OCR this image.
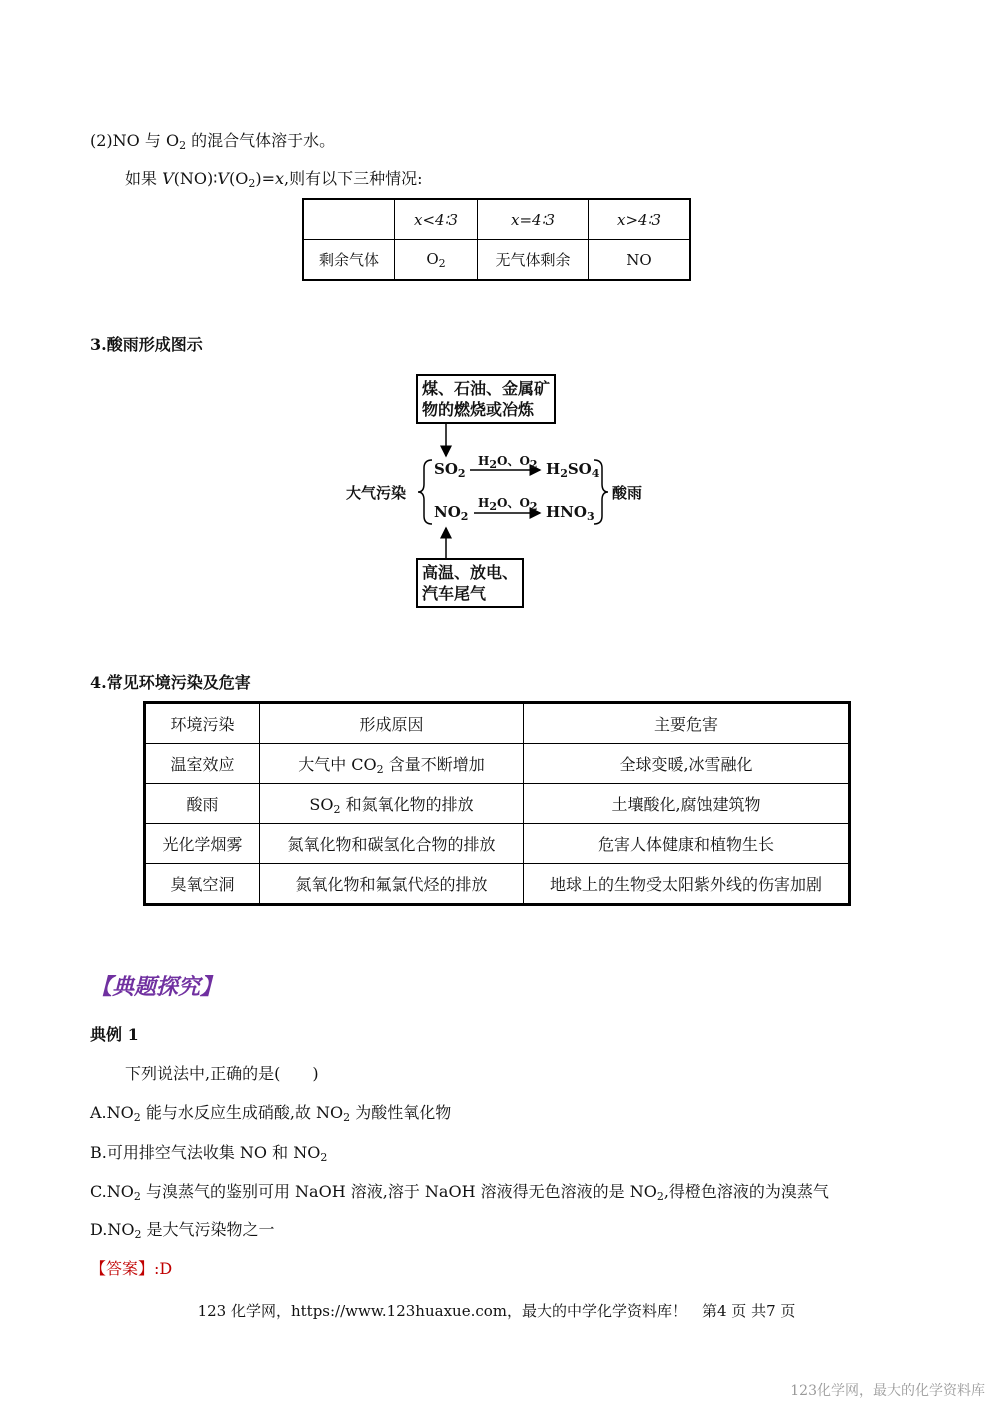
(2)NO 与 $O_2$ 的混合气体溶于水。
如果 $V(NO)∶V(O_2)=x$,则有以下三种情况:
	x<4∶3	x=4∶3	x>4∶3
剩余气体	$O_2$	无气体剩余	NO
3.酸雨形成图示
煤、石油、金属矿
物的燃烧或冶炼
高温、放电、
汽车尾气
大气污染	酸雨
$SO_2$	$H_2SO_4$
$NO_2$	$HNO_3$
$H_2O$、$O_2$
$H_2O$、$O_2$
4.常见环境污染及危害
环境污染	形成原因	主要危害
温室效应	大气中 $CO_2$ 含量不断增加	全球变暖,冰雪融化
酸雨	$SO_2$ 和氮氧化物的排放	土壤酸化,腐蚀建筑物
光化学烟雾	氮氧化物和碳氢化合物的排放	危害人体健康和植物生长
臭氧空洞	氮氧化物和氟氯代烃的排放	地球上的生物受太阳紫外线的伤害加剧
【典题探究】
典例 1
下列说法中,正确的是(　　)
$A.NO_2$ 能与水反应生成硝酸,故 $NO_2$ 为酸性氧化物
B.可用排空气法收集 NO 和 $NO_2$
$C.NO_2$ 与溴蒸气的鉴别可用 NaOH 溶液,溶于 NaOH 溶液得无色溶液的是 $NO_2$,得橙色溶液的为溴蒸气
$D.NO_2$ 是大气污染物之一
【答案】:D
123 化学网，https://www.123huaxue.com，最大的中学化学资料库！　第4 页 共7 页
123化学网，最大的化学资料库
